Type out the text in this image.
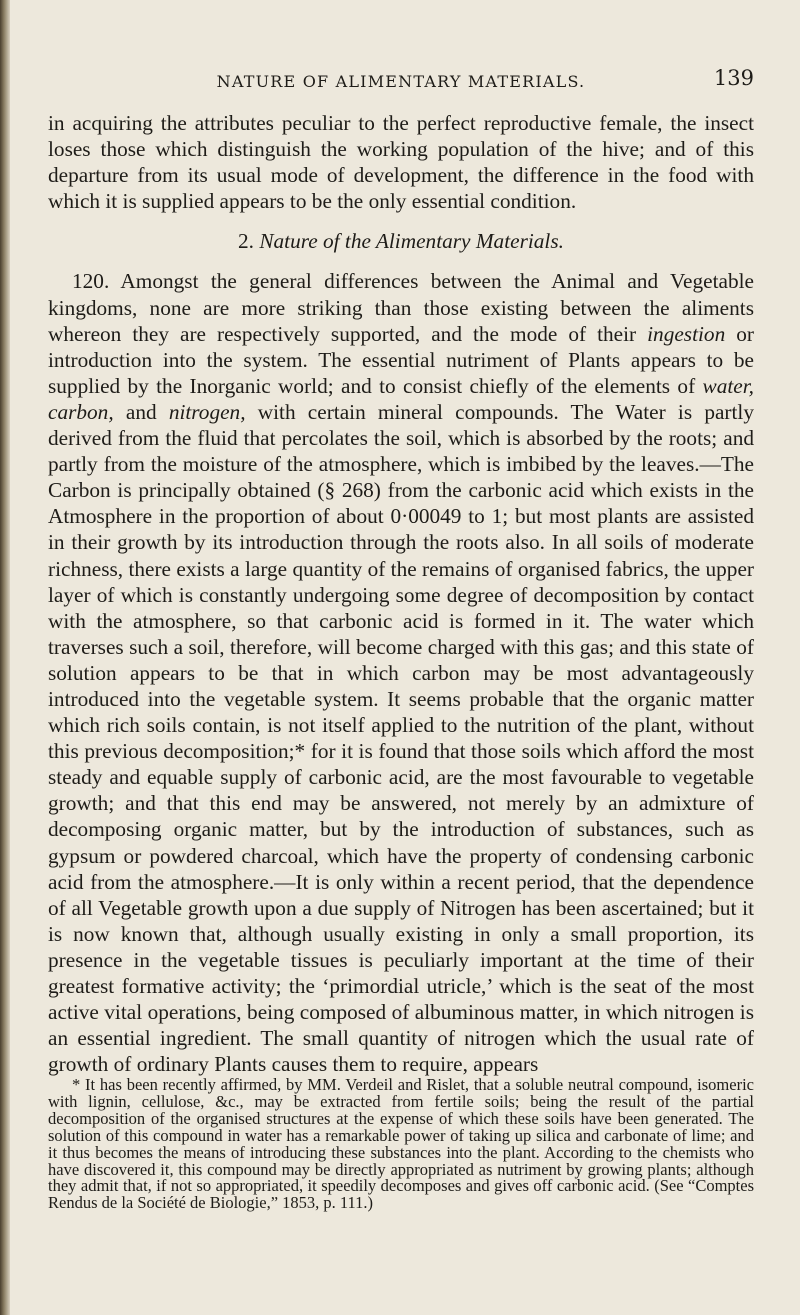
NATURE OF ALIMENTARY MATERIALS.	139

in acquiring the attributes peculiar to the perfect reproductive female, the insect loses those which distinguish the working population of the hive; and of this departure from its usual mode of development, the difference in the food with which it is supplied appears to be the only essential condition.

2. Nature of the Alimentary Materials.

120. Amongst the general differences between the Animal and Vegetable kingdoms, none are more striking than those existing between the aliments whereon they are respectively supported, and the mode of their ingestion or introduction into the system. The essential nutriment of Plants appears to be supplied by the Inorganic world; and to consist chiefly of the elements of water, carbon, and nitrogen, with certain mineral compounds. The Water is partly derived from the fluid that percolates the soil, which is absorbed by the roots; and partly from the moisture of the atmosphere, which is imbibed by the leaves.—The Carbon is principally obtained (§ 268) from the carbonic acid which exists in the Atmosphere in the proportion of about 0·00049 to 1; but most plants are assisted in their growth by its introduction through the roots also. In all soils of moderate richness, there exists a large quantity of the remains of organised fabrics, the upper layer of which is constantly undergoing some degree of decomposition by contact with the atmosphere, so that carbonic acid is formed in it. The water which traverses such a soil, therefore, will become charged with this gas; and this state of solution appears to be that in which carbon may be most advantageously introduced into the vegetable system. It seems probable that the organic matter which rich soils contain, is not itself applied to the nutrition of the plant, without this previous decomposition;* for it is found that those soils which afford the most steady and equable supply of carbonic acid, are the most favourable to vegetable growth; and that this end may be answered, not merely by an admixture of decomposing organic matter, but by the introduction of substances, such as gypsum or powdered charcoal, which have the property of condensing carbonic acid from the atmosphere.—It is only within a recent period, that the dependence of all Vegetable growth upon a due supply of Nitrogen has been ascertained; but it is now known that, although usually existing in only a small proportion, its presence in the vegetable tissues is peculiarly important at the time of their greatest formative activity; the ‘primordial utricle,’ which is the seat of the most active vital operations, being composed of albuminous matter, in which nitrogen is an essential ingredient. The small quantity of nitrogen which the usual rate of growth of ordinary Plants causes them to require, appears

* It has been recently affirmed, by MM. Verdeil and Rislet, that a soluble neutral compound, isomeric with lignin, cellulose, &c., may be extracted from fertile soils; being the result of the partial decomposition of the organised structures at the expense of which these soils have been generated. The solution of this compound in water has a remarkable power of taking up silica and carbonate of lime; and it thus becomes the means of introducing these substances into the plant. According to the chemists who have discovered it, this compound may be directly appropriated as nutriment by growing plants; although they admit that, if not so appropriated, it speedily decomposes and gives off carbonic acid. (See “Comptes Rendus de la Société de Biologie,” 1853, p. 111.)
